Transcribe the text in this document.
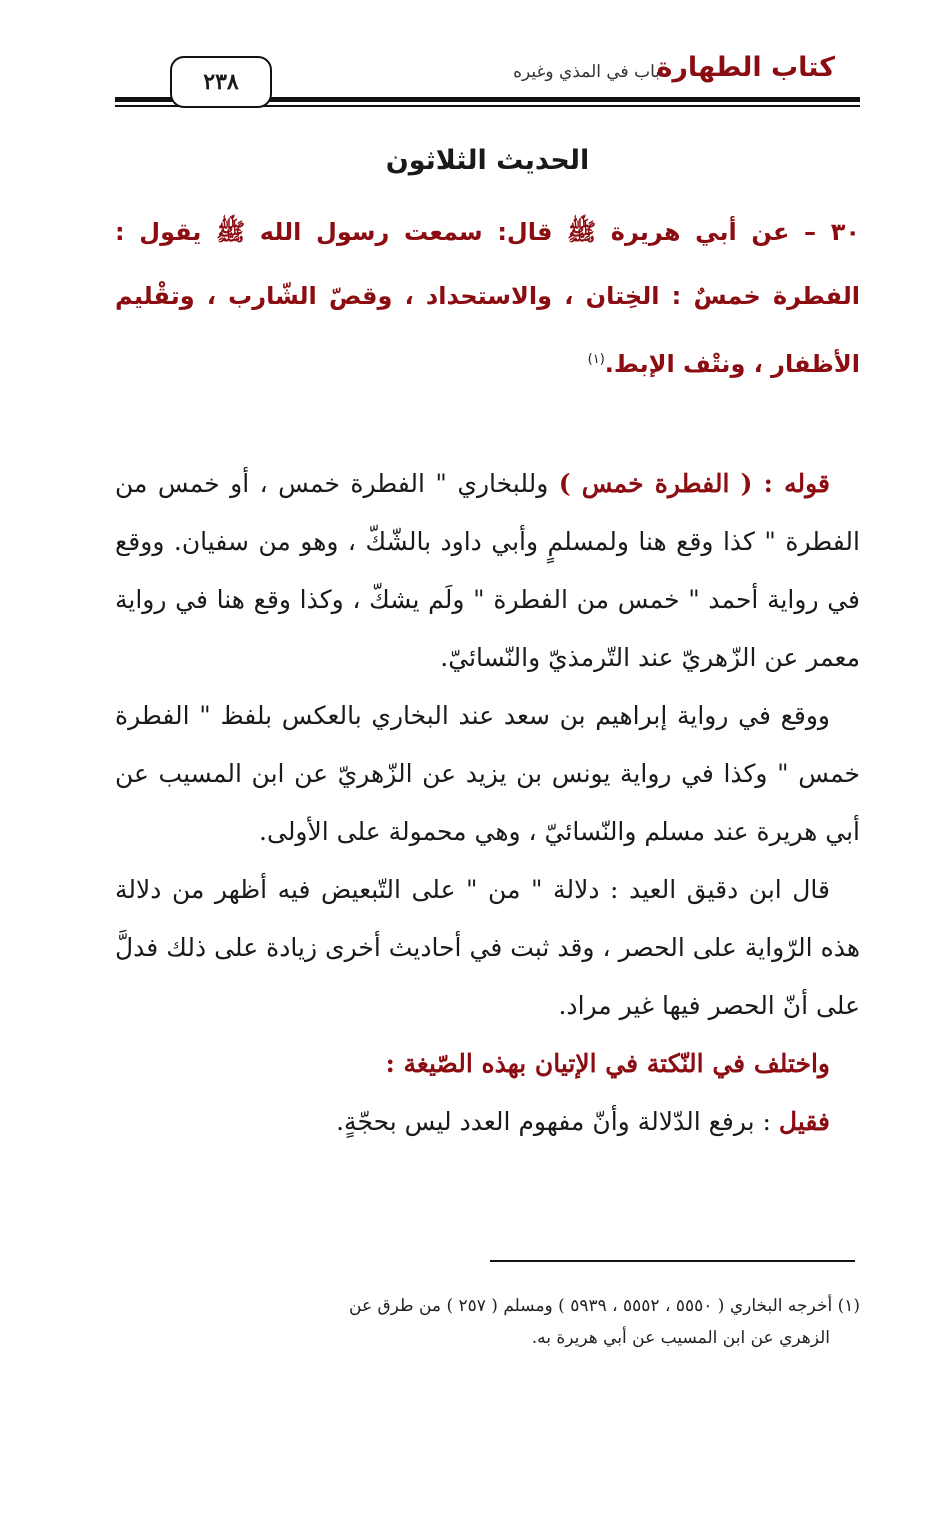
كتاب الطهارة
باب في المذي وغيره
٢٣٨
الحديث الثلاثون
٣٠ – عن أبي هريرة ﷺ قال: سمعت رسول الله ﷺ يقول : الفطرة خمسٌ : الخِتان ، والاستحداد ، وقصّ الشّارب ، وتقْليم الأظفار ، ونتْف الإبط.$^{(١)}$

قوله : ( الفطرة خمس ) وللبخاري " الفطرة خمس ، أو خمس من الفطرة " كذا وقع هنا ولمسلمٍ وأبي داود بالشّكّ ، وهو من سفيان. ووقع في رواية أحمد " خمس من الفطرة " ولَم يشكّ ، وكذا وقع هنا في رواية معمر عن الزّهريّ عند التّرمذيّ والنّسائيّ.

ووقع في رواية إبراهيم بن سعد عند البخاري بالعكس بلفظ " الفطرة خمس " وكذا في رواية يونس بن يزيد عن الزّهريّ عن ابن المسيب عن أبي هريرة عند مسلم والنّسائيّ ، وهي محمولة على الأولى.

قال ابن دقيق العيد : دلالة " من " على التّبعيض فيه أظهر من دلالة هذه الرّواية على الحصر ، وقد ثبت في أحاديث أخرى زيادة على ذلك فدلَّ على أنّ الحصر فيها غير مراد.

واختلف في النّكتة في الإتيان بهذه الصّيغة :

فقيل : برفع الدّلالة وأنّ مفهوم العدد ليس بحجّةٍ.

(١) أخرجه البخاري ( ٥٥٥٠ ، ٥٥٥٢ ، ٥٩٣٩ ) ومسلم ( ٢٥٧ ) من طرق عن
الزهري عن ابن المسيب عن أبي هريرة به.
